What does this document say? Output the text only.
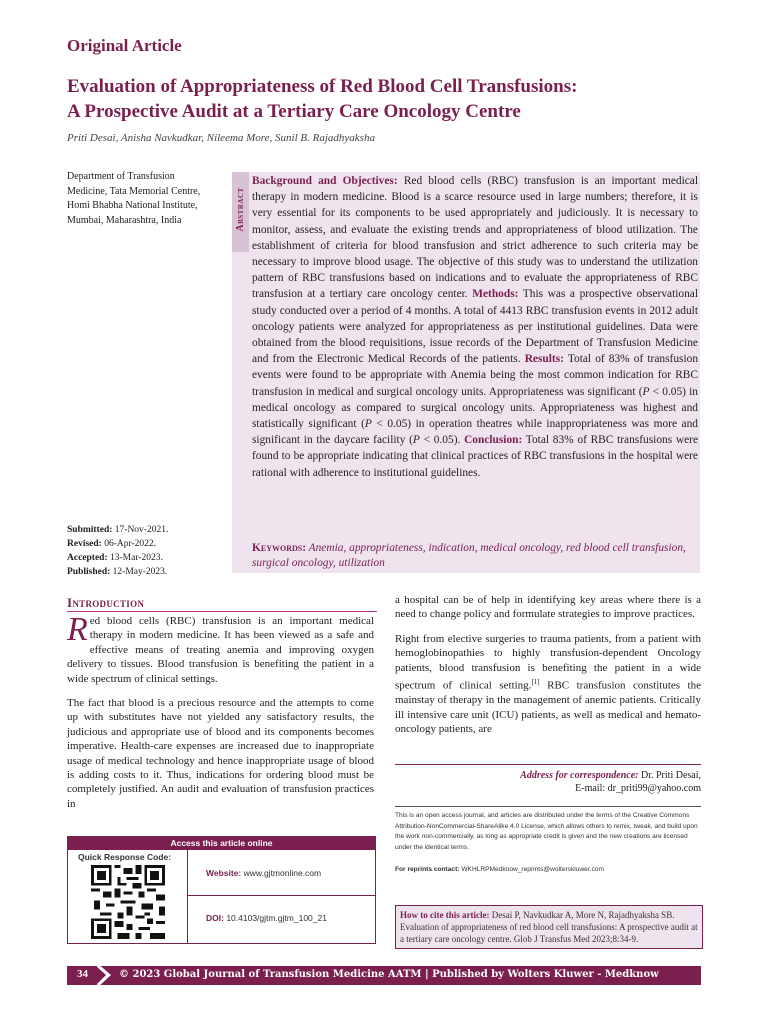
Original Article
Evaluation of Appropriateness of Red Blood Cell Transfusions:
A Prospective Audit at a Tertiary Care Oncology Centre
Priti Desai, Anisha Navkudkar, Nileema More, Sunil B. Rajadhyaksha
Department of Transfusion Medicine, Tata Memorial Centre, Homi Bhabha National Institute, Mumbai, Maharashtra, India
Submitted: 17-Nov-2021.
Revised: 06-Apr-2022.
Accepted: 13-Mar-2023.
Published: 12-May-2023.
Abstract
Background and Objectives: Red blood cells (RBC) transfusion is an important medical therapy in modern medicine. Blood is a scarce resource used in large numbers; therefore, it is very essential for its components to be used appropriately and judiciously. It is necessary to monitor, assess, and evaluate the existing trends and appropriateness of blood utilization. The establishment of criteria for blood transfusion and strict adherence to such criteria may be necessary to improve blood usage. The objective of this study was to understand the utilization pattern of RBC transfusions based on indications and to evaluate the appropriateness of RBC transfusion at a tertiary care oncology center. Methods: This was a prospective observational study conducted over a period of 4 months. A total of 4413 RBC transfusion events in 2012 adult oncology patients were analyzed for appropriateness as per institutional guidelines. Data were obtained from the blood requisitions, issue records of the Department of Transfusion Medicine and from the Electronic Medical Records of the patients. Results: Total of 83% of transfusion events were found to be appropriate with Anemia being the most common indication for RBC transfusion in medical and surgical oncology units. Appropriateness was significant (P < 0.05) in medical oncology as compared to surgical oncology units. Appropriateness was highest and statistically significant (P < 0.05) in operation theatres while inappropriateness was more and significant in the daycare facility (P < 0.05). Conclusion: Total 83% of RBC transfusions were found to be appropriate indicating that clinical practices of RBC transfusions in the hospital were rational with adherence to institutional guidelines.
Keywords: Anemia, appropriateness, indication, medical oncology, red blood cell transfusion, surgical oncology, utilization
Introduction

Red blood cells (RBC) transfusion is an important medical therapy in modern medicine. It has been viewed as a safe and effective means of treating anemia and improving oxygen delivery to tissues. Blood transfusion is benefiting the patient in a wide spectrum of clinical settings.

The fact that blood is a precious resource and the attempts to come up with substitutes have not yielded any satisfactory results, the judicious and appropriate use of blood and its components becomes imperative. Health-care expenses are increased due to inappropriate usage of medical technology and hence inappropriate usage of blood is adding costs to it. Thus, indications for ordering blood must be completely justified. An audit and evaluation of transfusion practices in

a hospital can be of help in identifying key areas where there is a need to change policy and formulate strategies to improve practices.

Right from elective surgeries to trauma patients, from a patient with hemoglobinopathies to highly transfusion-dependent Oncology patients, blood transfusion is benefiting the patient in a wide spectrum of clinical setting.[1] RBC transfusion constitutes the mainstay of therapy in the management of anemic patients. Critically ill intensive care unit (ICU) patients, as well as medical and hemato-oncology patients, are

Address for correspondence: Dr. Priti Desai,
E-mail: dr_priti99@yahoo.com
This is an open access journal, and articles are distributed under the terms of the Creative Commons Attribution-NonCommercial-ShareAlike 4.0 License, which allows others to remix, tweak, and build upon the work non-commercially, as long as appropriate credit is given and the new creations are licensed under the identical terms.
For reprints contact: WKHLRPMedknow_reprints@wolterskluwer.com
How to cite this article: Desai P, Navkudkar A, More N, Rajadhyaksha SB. Evaluation of appropriateness of red blood cell transfusions: A prospective audit at a tertiary care oncology centre. Glob J Transfus Med 2023;8:34-9.
Access this article online
Quick Response Code:
Website: www.gjtmonline.com
DOI: 10.4103/gjtm.gjtm_100_21
34	© 2023 Global Journal of Transfusion Medicine AATM | Published by Wolters Kluwer - Medknow
